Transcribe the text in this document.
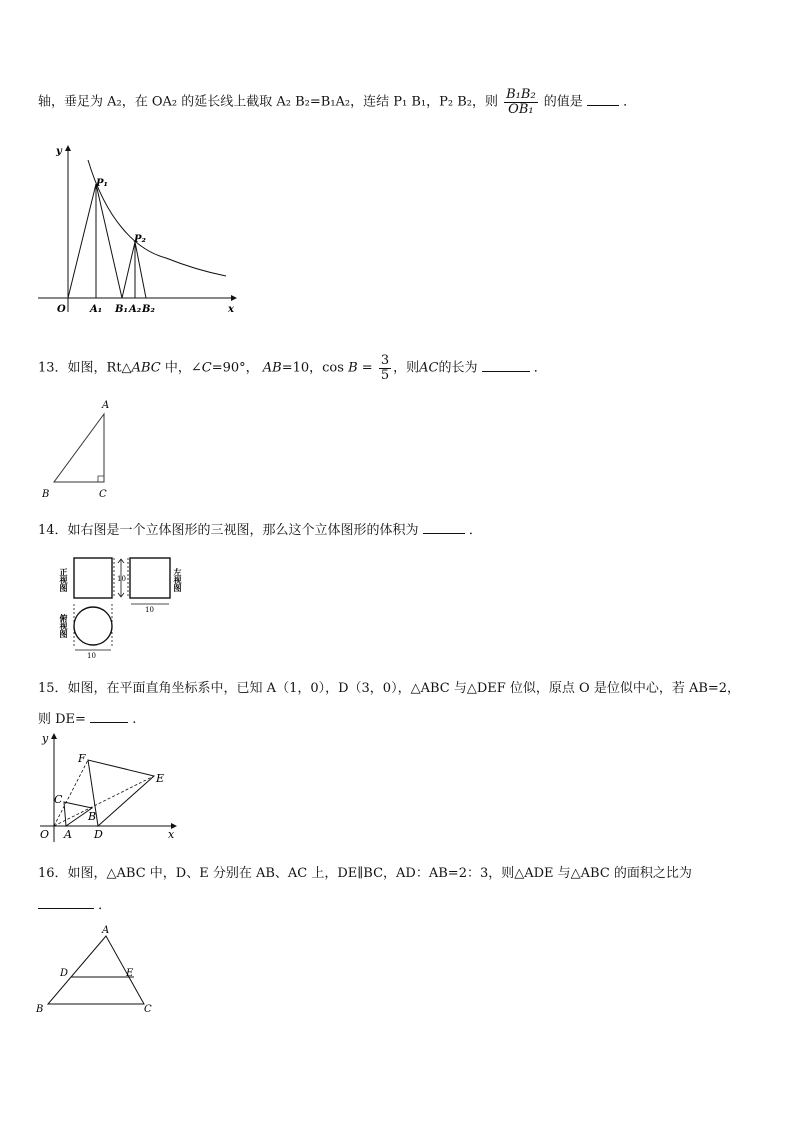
轴，垂足为 A₂，在 OA₂ 的延长线上截取 A₂ B₂=B₁A₂，连结 P₁ B₁，P₂ B₂，则 $\frac{\text{B₁B₂}}{\text{OB₁}}$ 的值是	．
y
x
O A₁ B₁ A₂ B₂
P₁
P₂
13．如图，Rt△ABC 中，∠C=90°， AB=10，$\cos B = \frac{3}{5}$ ，则AC的长为	．
A
B	C
14．如右图是一个立体图形的三视图，那么这个立体图形的体积为	．
10
10
10
正视图	左视图
俯视图
15．如图，在平面直角坐标系中，已知 A（1，0），D（3，0），△ABC 与△DEF 位似，原点 O 是位似中心，若 AB=2，
则 DE=	.
y
x
O A
B
C
D
E
F
16．如图，△ABC 中，D、E 分别在 AB、AC 上，DE∥BC，AD：AB=2：3，则△ADE 与△ABC 的面积之比为
．
A
B	C
D	E
